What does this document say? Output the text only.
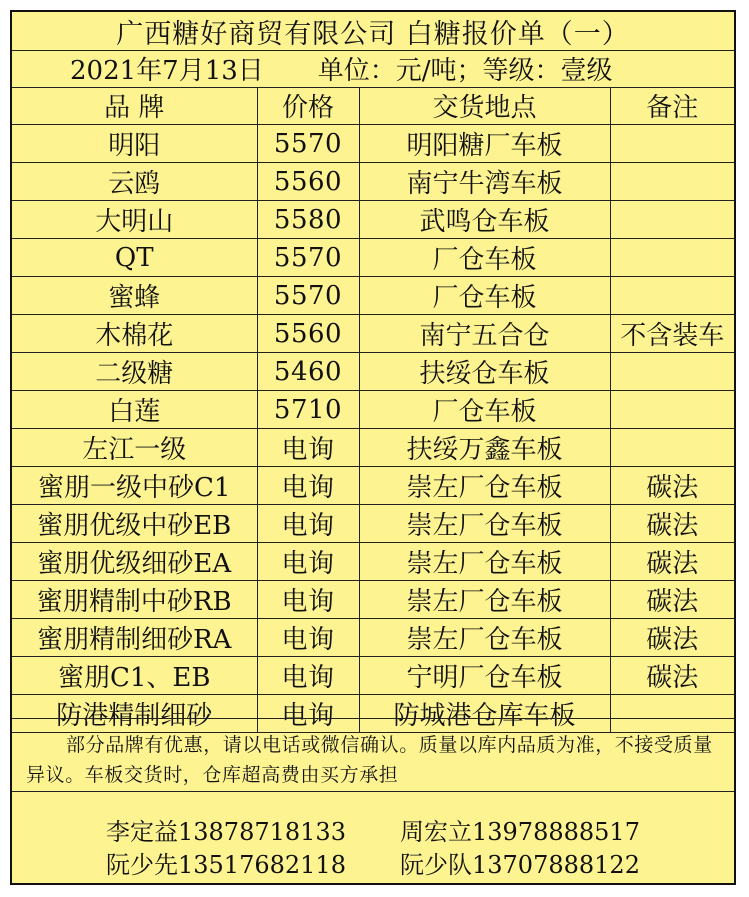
广西糖好商贸有限公司 白糖报价单（一）
2021年7月13日 单位：元/吨；等级：壹级
品 牌	价格	交货地点	备注
明阳	5570	明阳糖厂车板	
云鸥	5560	南宁牛湾车板	
大明山	5580	武鸣仓车板	
QT	5570	厂仓车板	
蜜蜂	5570	厂仓车板	
木棉花	5560	南宁五合仓	不含装车
二级糖	5460	扶绥仓车板	
白莲	5710	厂仓车板	
左江一级	电询	扶绥万鑫车板	
蜜朋一级中砂C1	电询	崇左厂仓车板	碳法
蜜朋优级中砂EB	电询	崇左厂仓车板	碳法
蜜朋优级细砂EA	电询	崇左厂仓车板	碳法
蜜朋精制中砂RB	电询	崇左厂仓车板	碳法
蜜朋精制细砂RA	电询	崇左厂仓车板	碳法
蜜朋C1、EB	电询	宁明厂仓车板	碳法
防港精制细砂	电询	防城港仓库车板	
部分品牌有优惠，请以电话或微信确认。质量以库内品质为准，不接受质量异议。车板交货时，仓库超高费由买方承担
李定益13878718133 周宏立13978888517
阮少先13517682118 阮少队13707888122
